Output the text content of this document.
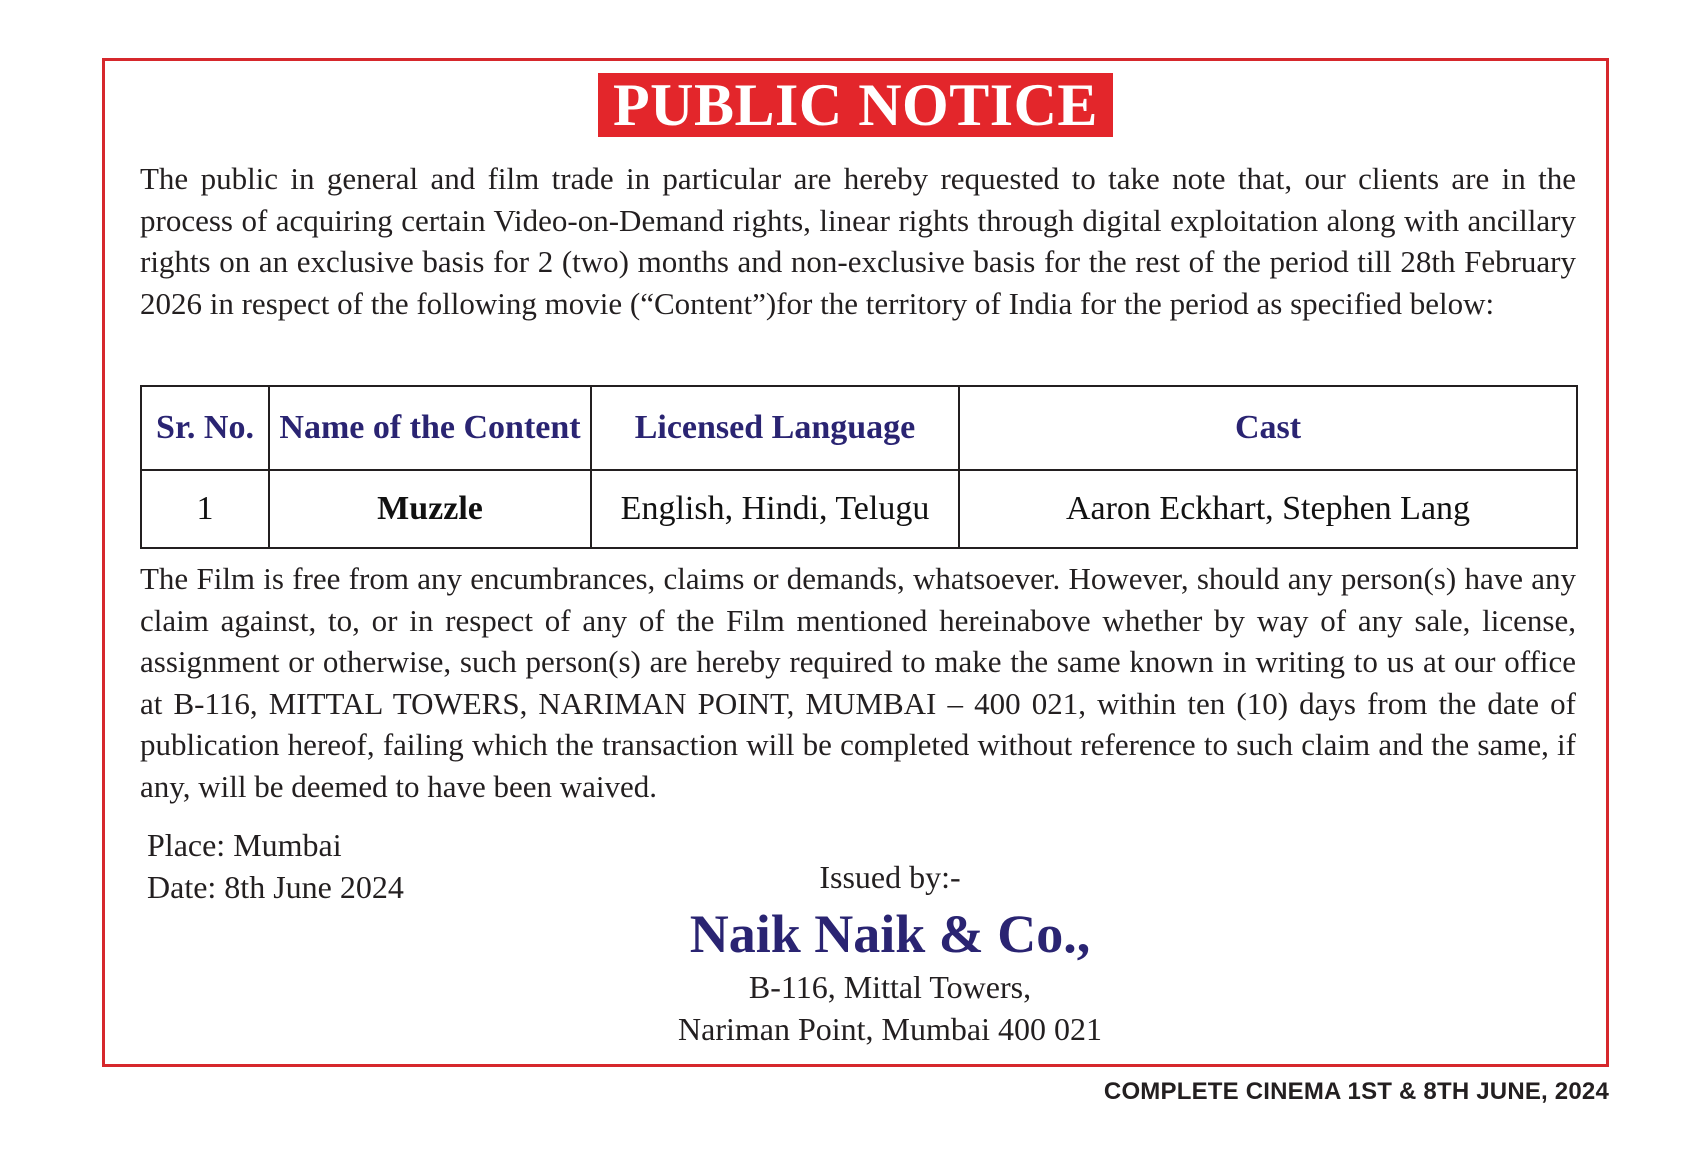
PUBLIC NOTICE

The public in general and film trade in particular are hereby requested to take note that, our clients are in the process of acquiring certain Video-on-Demand rights, linear rights through digital exploitation along with ancillary rights on an exclusive basis for 2 (two) months and non-exclusive basis for the rest of the period till 28th February 2026 in respect of the following movie (“Content”)for the territory of India for the period as specified below:

Sr. No.	Name of the Content	Licensed Language	Cast
1	Muzzle	English, Hindi, Telugu	Aaron Eckhart, Stephen Lang

The Film is free from any encumbrances, claims or demands, whatsoever. However, should any person(s) have any claim against, to, or in respect of any of the Film mentioned hereinabove whether by way of any sale, license, assignment or otherwise, such person(s) are hereby required to make the same known in writing to us at our office at B-116, MITTAL TOWERS, NARIMAN POINT, MUMBAI – 400 021, within ten (10) days from the date of publication hereof, failing which the transaction will be completed without reference to such claim and the same, if any, will be deemed to have been waived.

Place: Mumbai
Date: 8th June 2024	Issued by:-
Naik Naik & Co.,
B-116, Mittal Towers,
Nariman Point, Mumbai 400 021
COMPLETE CINEMA 1ST & 8TH JUNE, 2024
